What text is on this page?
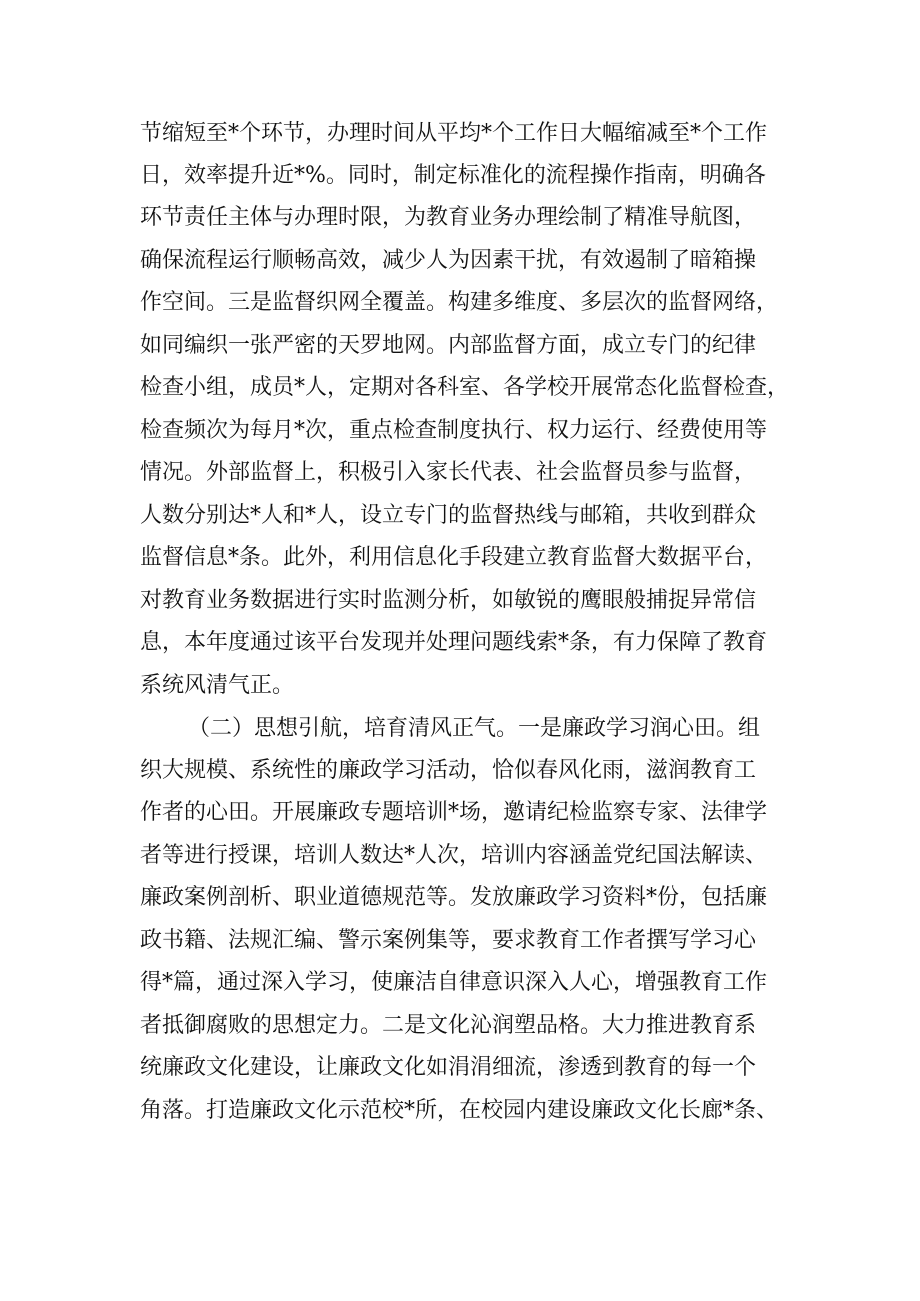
节缩短至*个环节，办理时间从平均*个工作日大幅缩减至*个工作
日，效率提升近*%。同时，制定标准化的流程操作指南，明确各
环节责任主体与办理时限，为教育业务办理绘制了精准导航图，
确保流程运行顺畅高效，减少人为因素干扰，有效遏制了暗箱操
作空间。三是监督织网全覆盖。构建多维度、多层次的监督网络，
如同编织一张严密的天罗地网。内部监督方面，成立专门的纪律
检查小组，成员*人，定期对各科室、各学校开展常态化监督检查，
检查频次为每月*次，重点检查制度执行、权力运行、经费使用等
情况。外部监督上，积极引入家长代表、社会监督员参与监督，
人数分别达*人和*人，设立专门的监督热线与邮箱，共收到群众
监督信息*条。此外，利用信息化手段建立教育监督大数据平台，
对教育业务数据进行实时监测分析，如敏锐的鹰眼般捕捉异常信
息，本年度通过该平台发现并处理问题线索*条，有力保障了教育
系统风清气正。
（二）思想引航，培育清风正气。一是廉政学习润心田。组
织大规模、系统性的廉政学习活动，恰似春风化雨，滋润教育工
作者的心田。开展廉政专题培训*场，邀请纪检监察专家、法律学
者等进行授课，培训人数达*人次，培训内容涵盖党纪国法解读、
廉政案例剖析、职业道德规范等。发放廉政学习资料*份，包括廉
政书籍、法规汇编、警示案例集等，要求教育工作者撰写学习心
得*篇，通过深入学习，使廉洁自律意识深入人心，增强教育工作
者抵御腐败的思想定力。二是文化沁润塑品格。大力推进教育系
统廉政文化建设，让廉政文化如涓涓细流，渗透到教育的每一个
角落。打造廉政文化示范校*所，在校园内建设廉政文化长廊*条、
